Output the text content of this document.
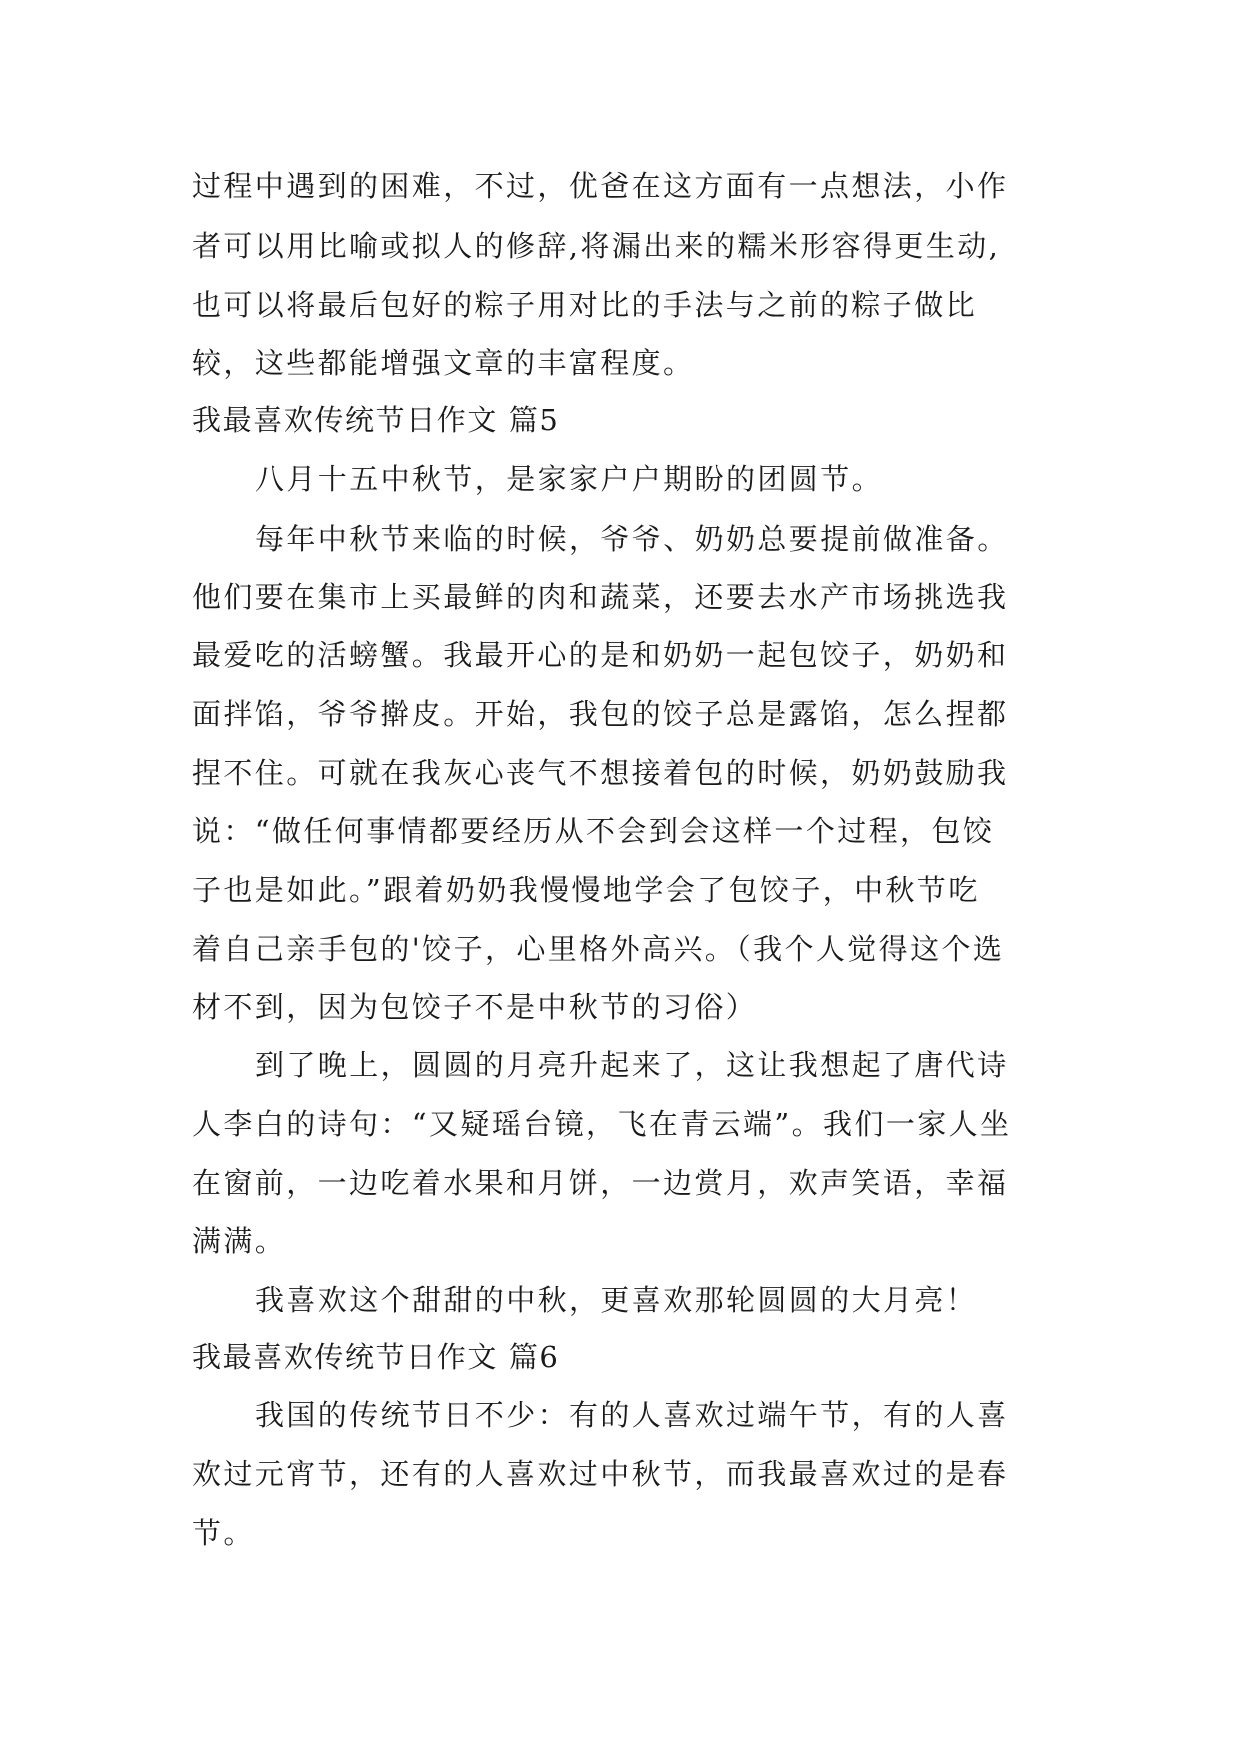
过程中遇到的困难，不过，优爸在这方面有一点想法，小作
者可以用比喻或拟人的修辞,将漏出来的糯米形容得更生动,
也可以将最后包好的粽子用对比的手法与之前的粽子做比
较，这些都能增强文章的丰富程度。
我最喜欢传统节日作文 篇5
八月十五中秋节，是家家户户期盼的团圆节。
每年中秋节来临的时候，爷爷、奶奶总要提前做准备。
他们要在集市上买最鲜的肉和蔬菜，还要去水产市场挑选我
最爱吃的活螃蟹。我最开心的是和奶奶一起包饺子，奶奶和
面拌馅，爷爷擀皮。开始，我包的饺子总是露馅，怎么捏都
捏不住。可就在我灰心丧气不想接着包的时候，奶奶鼓励我
说：“做任何事情都要经历从不会到会这样一个过程，包饺
子也是如此。”跟着奶奶我慢慢地学会了包饺子，中秋节吃
着自己亲手包的'饺子，心里格外高兴。（我个人觉得这个选
材不到，因为包饺子不是中秋节的习俗）
到了晚上，圆圆的月亮升起来了，这让我想起了唐代诗
人李白的诗句：“又疑瑶台镜，飞在青云端”。我们一家人坐
在窗前，一边吃着水果和月饼，一边赏月，欢声笑语，幸福
满满。
我喜欢这个甜甜的中秋，更喜欢那轮圆圆的大月亮！
我最喜欢传统节日作文 篇6
我国的传统节日不少：有的人喜欢过端午节，有的人喜
欢过元宵节，还有的人喜欢过中秋节，而我最喜欢过的是春
节。
